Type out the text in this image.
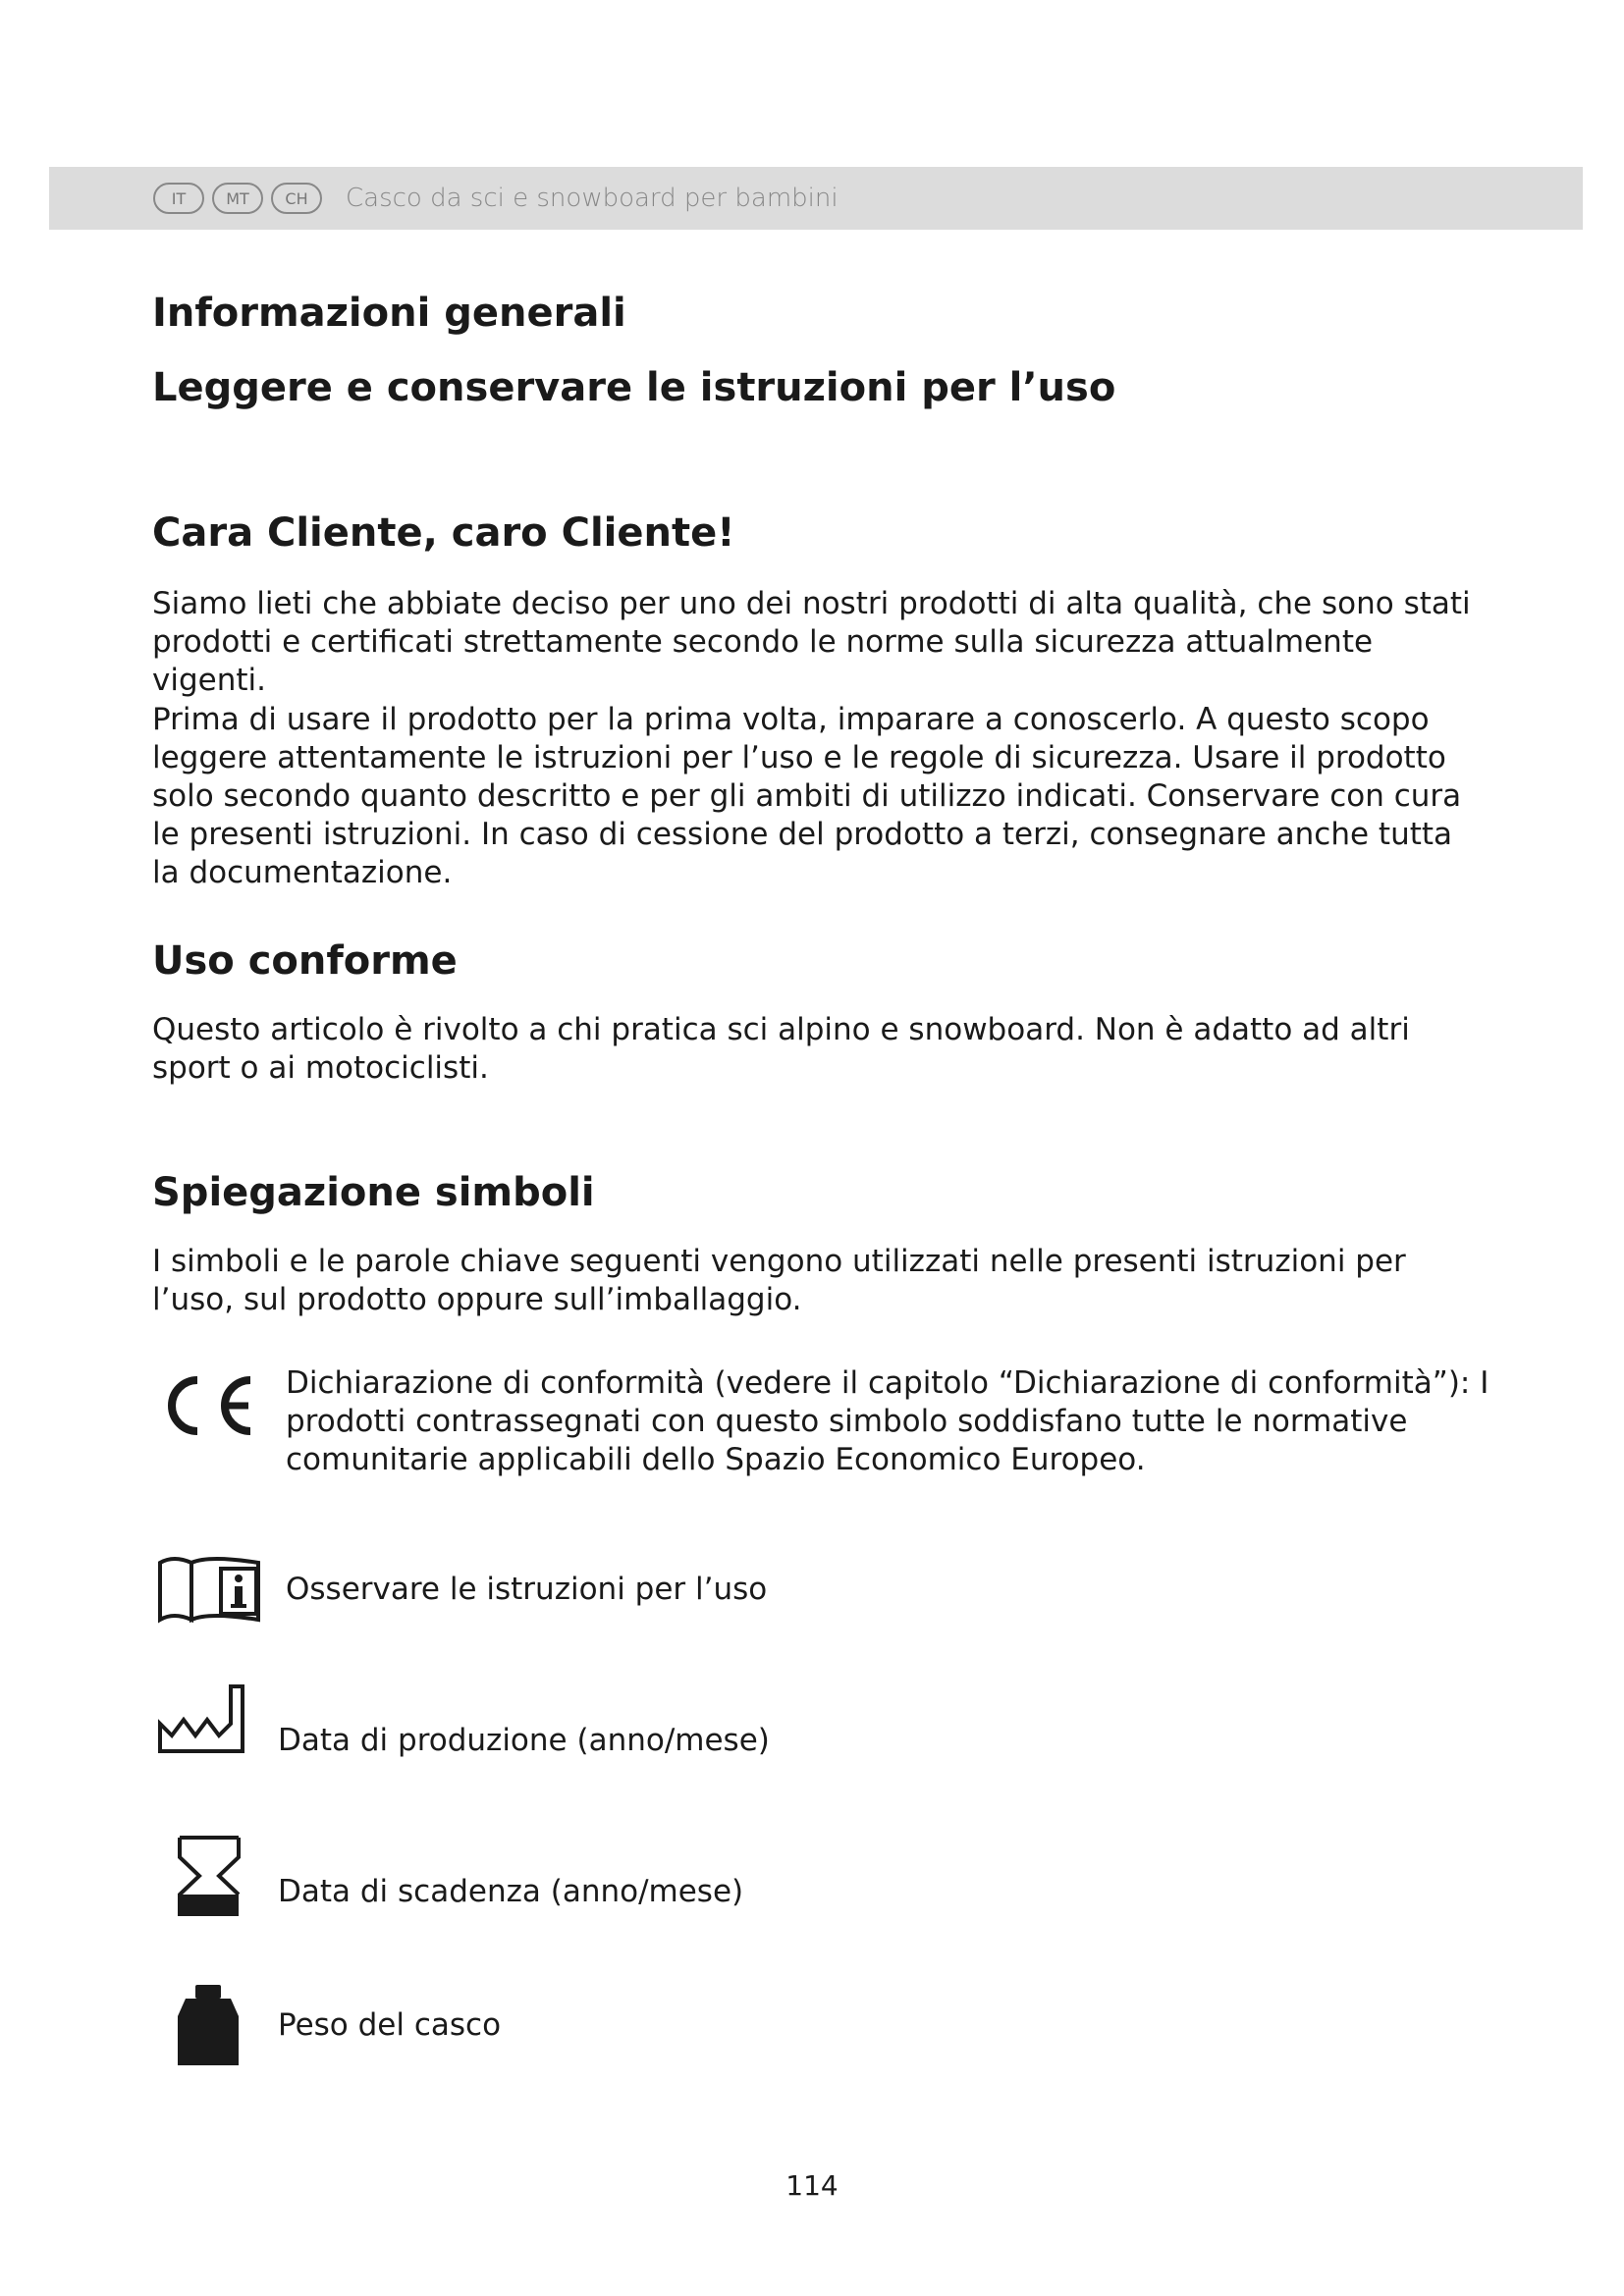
IT	MT	CH	Casco da sci e snowboard per bambini
Informazioni generali
Leggere e conservare le istruzioni per l’uso
Cara Cliente, caro Cliente!

Siamo lieti che abbiate deciso per uno dei nostri prodotti di alta qualità, che sono stati prodotti e certificati strettamente secondo le norme sulla sicurezza attualmente vigenti.

Prima di usare il prodotto per la prima volta, imparare a conoscerlo. A questo scopo leggere attentamente le istruzioni per l’uso e le regole di sicurezza. Usare il prodotto solo secondo quanto descritto e per gli ambiti di utilizzo indicati. Conservare con cura le presenti istruzioni. In caso di cessione del prodotto a terzi, consegnare anche tutta la documentazione.

Uso conforme

Questo articolo è rivolto a chi pratica sci alpino e snowboard. Non è adatto ad altri sport o ai motociclisti.

Spiegazione simboli

I simboli e le parole chiave seguenti vengono utilizzati nelle presenti istruzioni per l’uso, sul prodotto oppure sull’imballaggio.

Dichiarazione di conformità (vedere il capitolo “Dichiarazione di conformità”): I prodotti contrassegnati con questo simbolo soddisfano tutte le normative comunitarie applicabili dello Spazio Economico Europeo.
Osservare le istruzioni per l’uso
Data di produzione (anno/mese)
Data di scadenza (anno/mese)
Peso del casco
114
